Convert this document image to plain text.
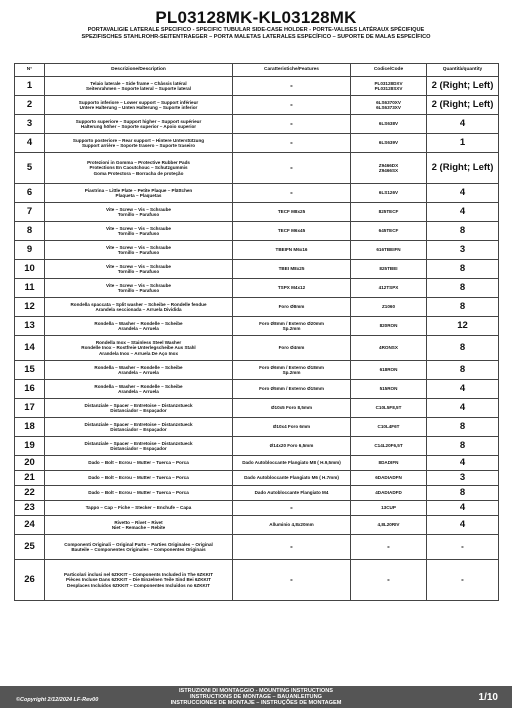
PL03128MK-KL03128MK
PORTAVALIGIE LATERALE SPECIFICO - SPECIFIC TUBULAR SIDE-CASE HOLDER - PORTE-VALISES LATÉRAUX SPÉCIFIQUE
SPEZIFISCHES STAHLROHR-SEITENTRAEGER – PORTA MALETAS LATERALES ESPECÍFICO – SUPORTE DE MALAS ESPECÍFICO
N°	Descrizione/Description	Caratteristiche/Features	Codice/Code	Quantità/quantity
1	Telaio laterale – Side frame – Châssis latéral
Seitenrahmen – Soporte lateral – Suporte lateral	-	PL03128DXV
PL03128SXV	2 (Right; Left)
2	Supporto inferiore – Lower support – Support inférieur
Untere Halterung – Unten Halterung – Suporte inferior	-	6LS6370XV
6LS6373XV	2 (Right; Left)
3	Supporto superiore – Support higher – Support supérieur
Halterung höher – Soporte superior – Apoio superior	-	6LS638V	4
4	Supporto posteriore – Rear support – Hintere Unterstützung
Support arrière – Soporte trasero – Suporte traseiro	-	6LS639V	1
5	Protezioni in Gomma – Protective Rubber Pads
Protections En Caoutchouc – Schutzgummis
Goma Protectora – Borracha de proteção	-	Z9466DX
Z9466SX	2 (Right; Left)
6	Piastrina – Little Plate – Petite Plaque – Plättchen
Plaqueta – Plaquetas	-	6LS126V	4
7	Vite – Screw – Vis – Schraube
Tornillo – Parafuso	TECF M8x25	825TECF	4
8	Vite – Screw – Vis – Schraube
Tornillo – Parafuso	TECF M6x45	645TECF	8
9	Vite – Screw – Vis – Schraube
Tornillo – Parafuso	TBEIFN M6x16	616TBEIFN	3
10	Vite – Screw – Vis – Schraube
Tornillo – Parafuso	TBEI M8x25	825TBEI	8
11	Vite – Screw – Vis – Schraube
Tornillo – Parafuso	TSPX M4x12	412TSPX	8
12	Rondella spaccata – Split washer – Scheibe – Rondelle fendue
Arandela seccionada – Arruela Dividida	Foro Ø8mm	Z1060	8
13	Rondella – Washer – Rondelle – Scheibe
Arandela – Arruela	Foro Ø8mm / Esterno Ø20mm
Sp.2mm	820RON	12
14	Rondella Inox – Stainless Steel Washer
Rondelle Inox – Rostfreie Unterlegscheibe Aus Stahl
Arandela Inox – Arruela De Aço Inox	Foro Ø4mm	4RONSX	8
15	Rondella – Washer – Rondelle – Scheibe
Arandela – Arruela	Foro Ø6mm / Esterno Ø18mm
Sp.2mm	618RON	8
16	Rondella – Washer – Rondelle – Scheibe
Arandela – Arruela	Foro Ø5mm / Esterno Ø15mm	515RON	4
17	Distanziale – Spacer – Entretoise – Distanzstueck
Distanciador – Espaçador	Ø10x5 Foro 8,5mm	C10L5F8,5T	4
18	Distanziale – Spacer – Entretoise – Distanzstueck
Distanciador – Espaçador	Ø10x4 Foro 6mm	C10L4F6T	8
19	Distanziale – Spacer – Entretoise – Distanzstueck
Distanciador – Espaçador	Ø14x20 Foro 6,5mm	C14L20F6,5T	8
20	Dado – Bolt – Ecrou – Mutter – Tuerca – Porca	Dado Autobloccante Flangiato M8 ( H.9,5mm)	8DADIFN	4
21	Dado – Bolt – Ecrou – Mutter – Tuerca – Porca	Dado Autobloccante Flangiato M6 ( H.7mm)	6DADIADFN	3
22	Dado – Bolt – Ecrou – Mutter – Tuerca – Porca	Dado Autobloccante Flangiato M4	4DADIADFD	8
23	Tappo – Cap – Fiche – Stecker – Enchufe – Capa	-	13CUP	4
24	Rivetto – Rivet – Rivet
Niet – Remache – Rebite	Alluminio 4,8x20mm	4,8L20RIV	4
25	Componenti Originali – Original Parts – Parties Originales – Original
Bauteile – Componentes Originales – Componentes Originais	-	-	-
26	Particolari inclusi nel 6ZKKIT – Components Included in The 6ZKKIT
Pièces Incluse Dans 6ZKKIT – Die Einzelnen Teile Sind Bei 6ZKKIT
Desplaces Incluidos 6ZKKIT – Componentes Incluidos no 6ZKKIT	-	-	-
©Copyright 2/12/2024 LF-Rev00
ISTRUZIONI DI MONTAGGIO - MOUNTING INSTRUCTIONS
INSTRUCTIONS DE MONTAGE – BAUANLEITUNG
INSTRUCCIONES DE MONTAJE – INSTRUÇÕES DE MONTAGEM
1/10
